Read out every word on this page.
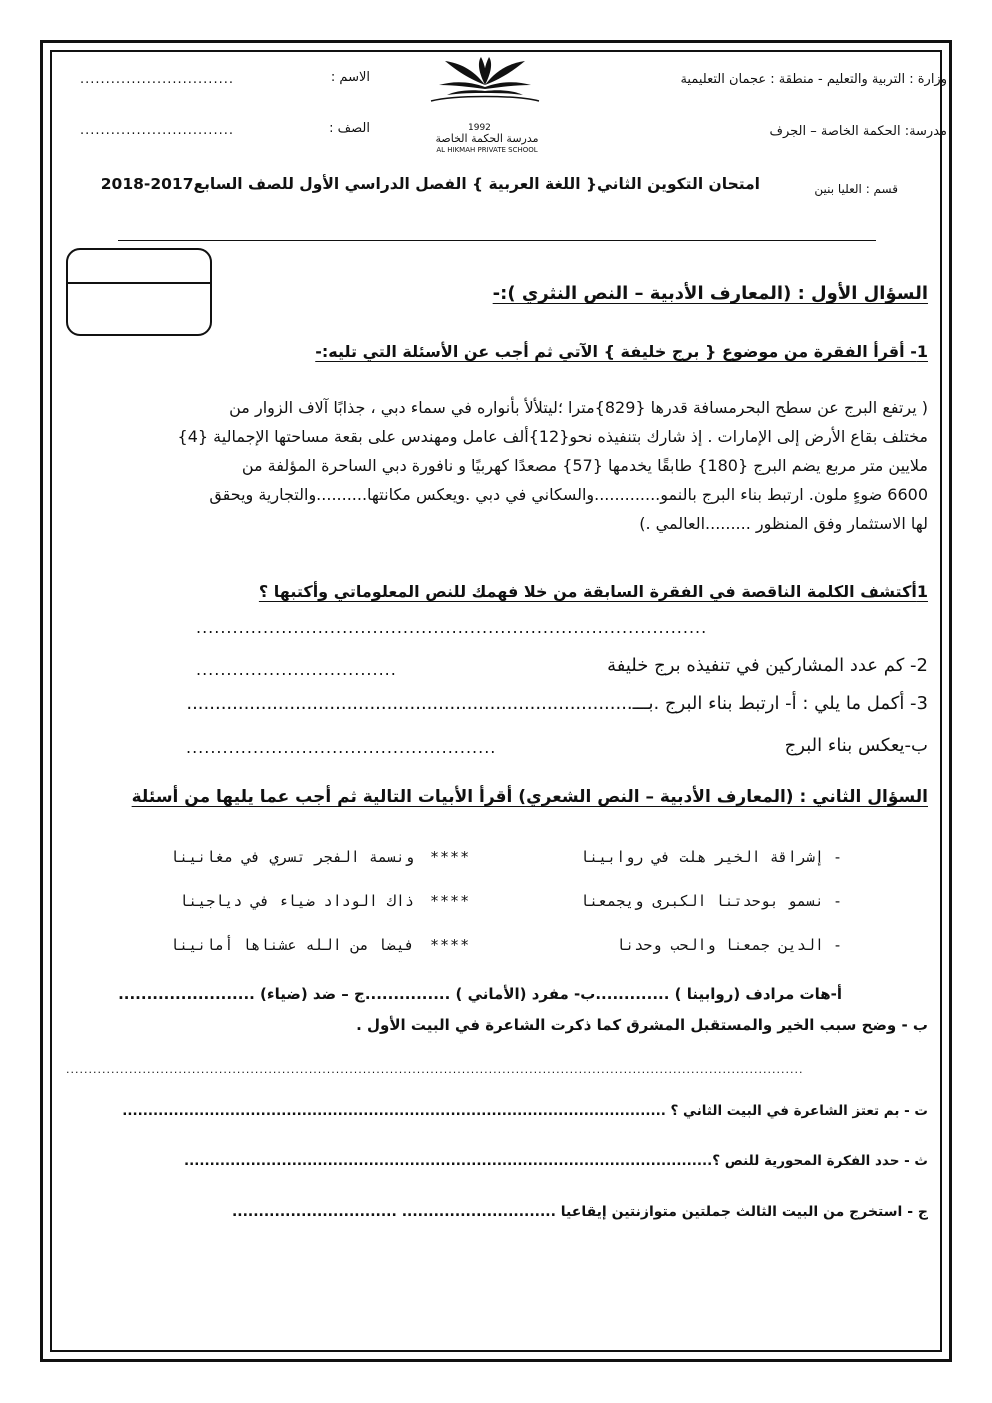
وزارة : التربية والتعليم - منطقة : عجمان التعليمية
مدرسة: الحكمة الخاصة – الجرف
الاسم :
..............................
الصف :
..............................	1992
مدرسة الحكمة الخاصة
AL HIKMAH PRIVATE SCHOOL
قسم : العليا بنين
امتحان التكوين الثاني{ اللغة العربية } الفصل الدراسي الأول للصف السابع2017-2018
السؤال الأول : (المعارف الأدبية – النص النثري ):-
1- أقرأ الفقرة من موضوع { برج خليفة } الآتي ثم أجب عن الأسئلة التي تليه:-
( يرتفع البرج عن سطح البحرمسافة قدرها {829}مترا ؛ليتلألأ بأنواره في سماء دبي ، جذابًا آلاف الزوار من
مختلف بقاع الأرض إلى الإمارات . إذ شارك بتنفيذه نحو{12}ألف عامل ومهندس على بقعة مساحتها الإجمالية {4}
ملايين متر مربع يضم البرج {180} طابقًا يخدمها {57} مصعدًا كهربيًا و نافورة دبي الساحرة المؤلفة من
6600 ضوءٍ ملون. ارتبط بناء البرج بالنمو.............والسكاني في دبي .ويعكس مكانتها..........والتجارية ويحقق
لها الاستثمار وفق المنظور .........العالمي .)
1أكتشف الكلمة الناقصة في الفقرة السابقة من خلا فهمك للنص المعلوماتي وأكتبها ؟
....................................................................................
2- كم عدد المشاركين في تنفيذه برج خليفة
.................................
3- أكمل ما يلي : أ- ارتبط بناء البرج .بـــ..............................................................................
ب-يعكس بناء البرج
...................................................
السؤال الثاني : (المعارف الأدبية – النص الشعري) أقرأ الأبيات التالية ثم أجب عما يليها من أسئلة
- إشراقة الخير هلت في روابينا
****
ونسمة الفجر تسري في مغانينا
- نسمو بوحدتنا الكبرى ويجمعنا
****
ذاك الوداد ضياء في دياجينا
- الدين جمعنا والحب وحدنا
****
فيضا من الله عشناها أمانينا
أ-هات مرادف (روابينا ) .............ب- مفرد (الأماني ) ...............ج – ضد (ضياء) ........................
ب - وضح سبب الخير والمستقبل المشرق كما ذكرت الشاعرة في البيت الأول .
....................................................................................................................................................................
ت - بم تعتز الشاعرة في البيت الثاني ؟ ..........................................................................................................
ث - حدد الفكرة المحورية للنص ؟.......................................................................................................
ج - استخرج من البيت الثالث جملتين متوازنتين إيقاعيا ............................. ...............................
